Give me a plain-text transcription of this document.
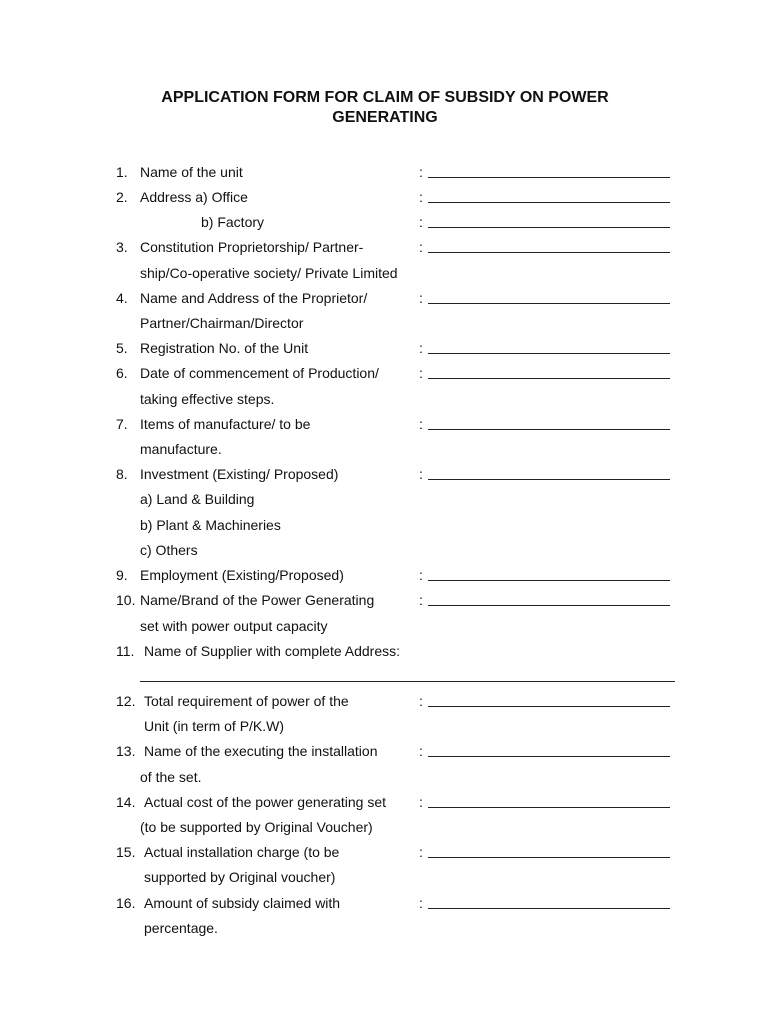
APPLICATION FORM FOR CLAIM OF SUBSIDY ON POWER
GENERATING
1. Name of the unit	:
2. Address a) Office	:
b) Factory	:
3. Constitution Proprietorship/ Partner-	:
ship/Co-operative society/ Private Limited
4. Name and Address of the Proprietor/	:
Partner/Chairman/Director
5. Registration No. of the Unit	:
6. Date of commencement of Production/	:
taking effective steps.
7. Items of manufacture/ to be	:
manufacture.
8. Investment (Existing/ Proposed)	:
a) Land & Building
b) Plant & Machineries
c) Others
9. Employment (Existing/Proposed)	:
10. Name/Brand of the Power Generating	:
set with power output capacity
11. Name of Supplier with complete Address:
12. Total requirement of power of the	:
Unit (in term of P/K.W)
13. Name of the executing the installation	:
of the set.
14. Actual cost of the power generating set :
(to be supported by Original Voucher)
15. Actual installation charge (to be	:
supported by Original voucher)
16. Amount of subsidy claimed with	:
percentage.
